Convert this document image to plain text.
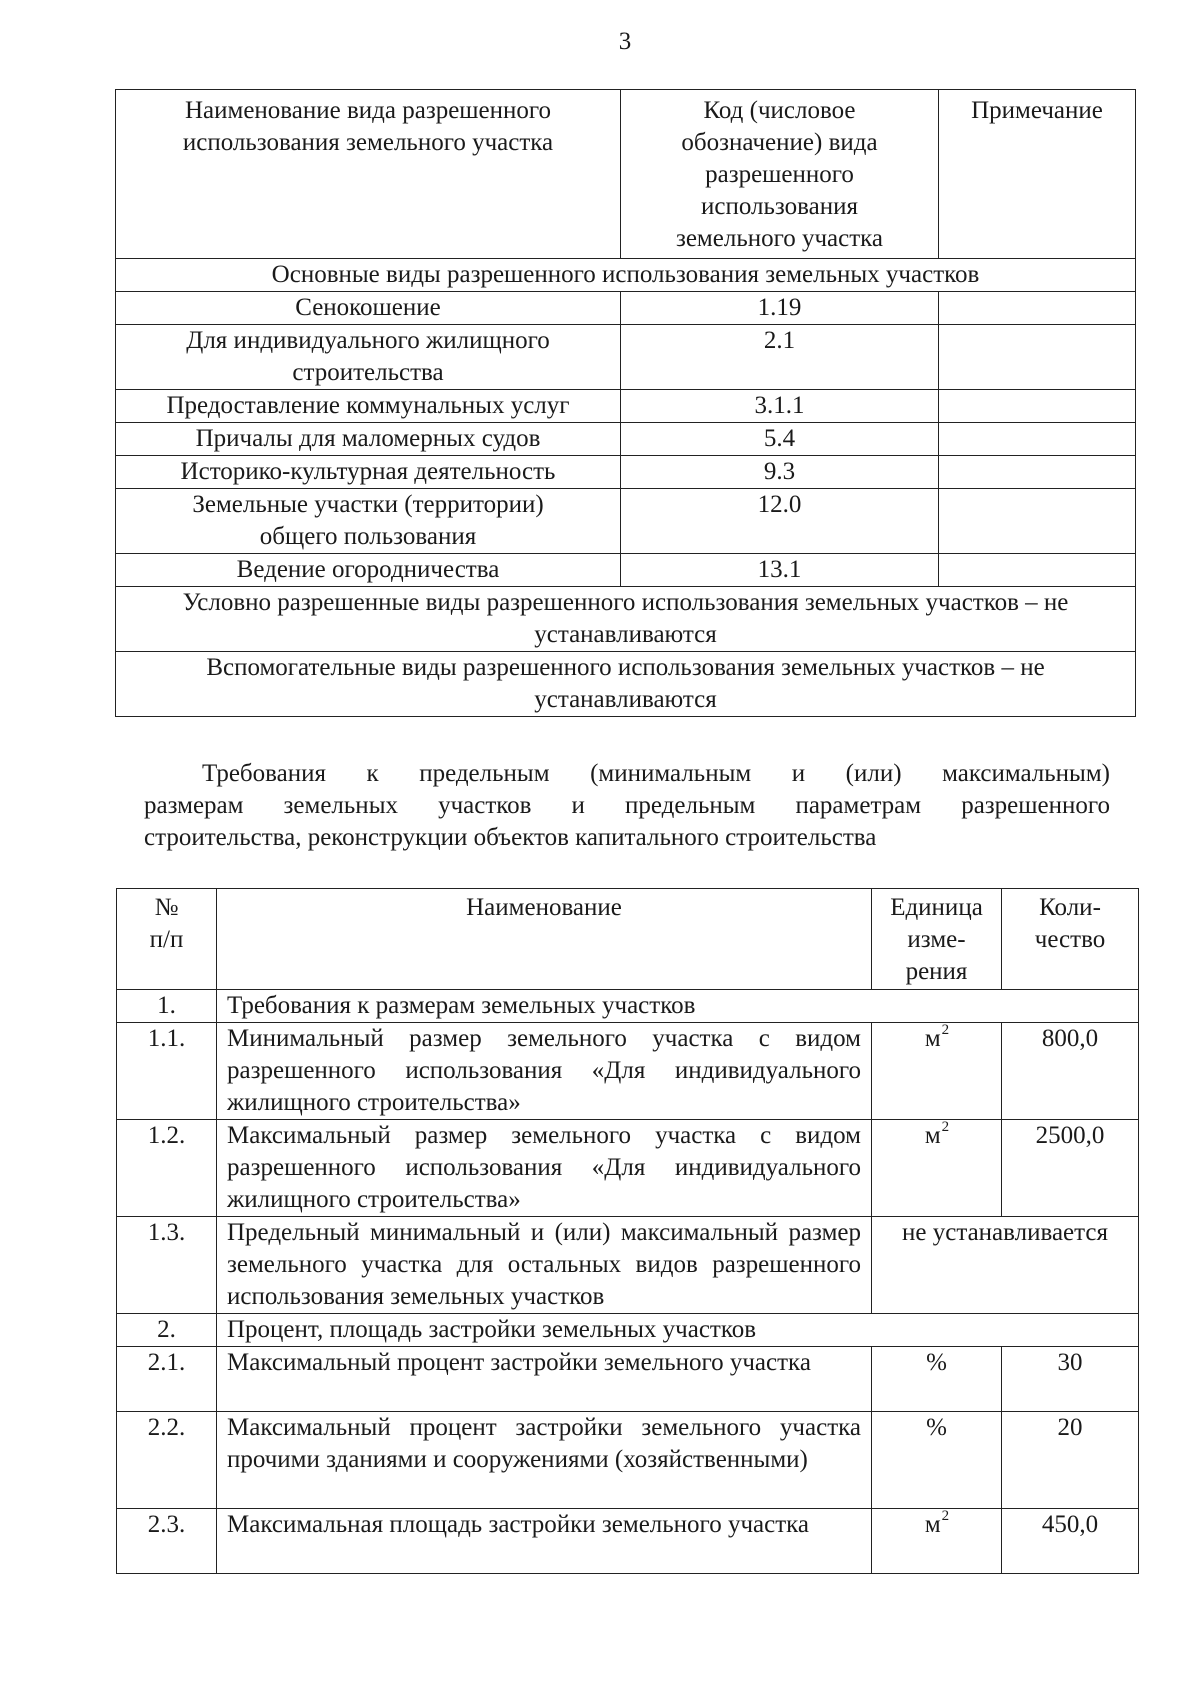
3
Наименование вида разрешенного использования земельного участка	Код (числовое обозначение) вида разрешенного использования земельного участка	Примечание
Основные виды разрешенного использования земельных участков		
Сенокошение	1.19	
Для индивидуального жилищного строительства	2.1	
Предоставление коммунальных услуг	3.1.1	
Причалы для маломерных судов	5.4	
Историко-культурная деятельность	9.3	
Земельные участки (территории) общего пользования	12.0	
Ведение огородничества	13.1	
Условно разрешенные виды разрешенного использования земельных участков – не устанавливаются		
Вспомогательные виды разрешенного использования земельных участков – не устанавливаются		
Требования к предельным (минимальным и (или) максимальным)
размерам земельных участков и предельным параметрам разрешенного
строительства, реконструкции объектов капитального строительства
№ п/п	Наименование	Единица изме-рения	Коли-чество
1.	Требования к размерам земельных участков		
1.1.	Минимальный размер земельного участка с видом разрешенного использования «Для индивидуального жилищного строительства»	$м^2$	800,0
1.2.	Максимальный размер земельного участка с видом разрешенного использования «Для индивидуального жилищного строительства»	$м^2$	2500,0
1.3.	Предельный минимальный и (или) максимальный размер земельного участка для остальных видов разрешенного использования земельных участков	не устанавливается	
2.	Процент, площадь застройки земельных участков		
2.1.	Максимальный процент застройки земельного участка	%	30
2.2.	Максимальный процент застройки земельного участка прочими зданиями и сооружениями (хозяйственными)	%	20
2.3.	Максимальная площадь застройки земельного участка	$м^2$	450,0
